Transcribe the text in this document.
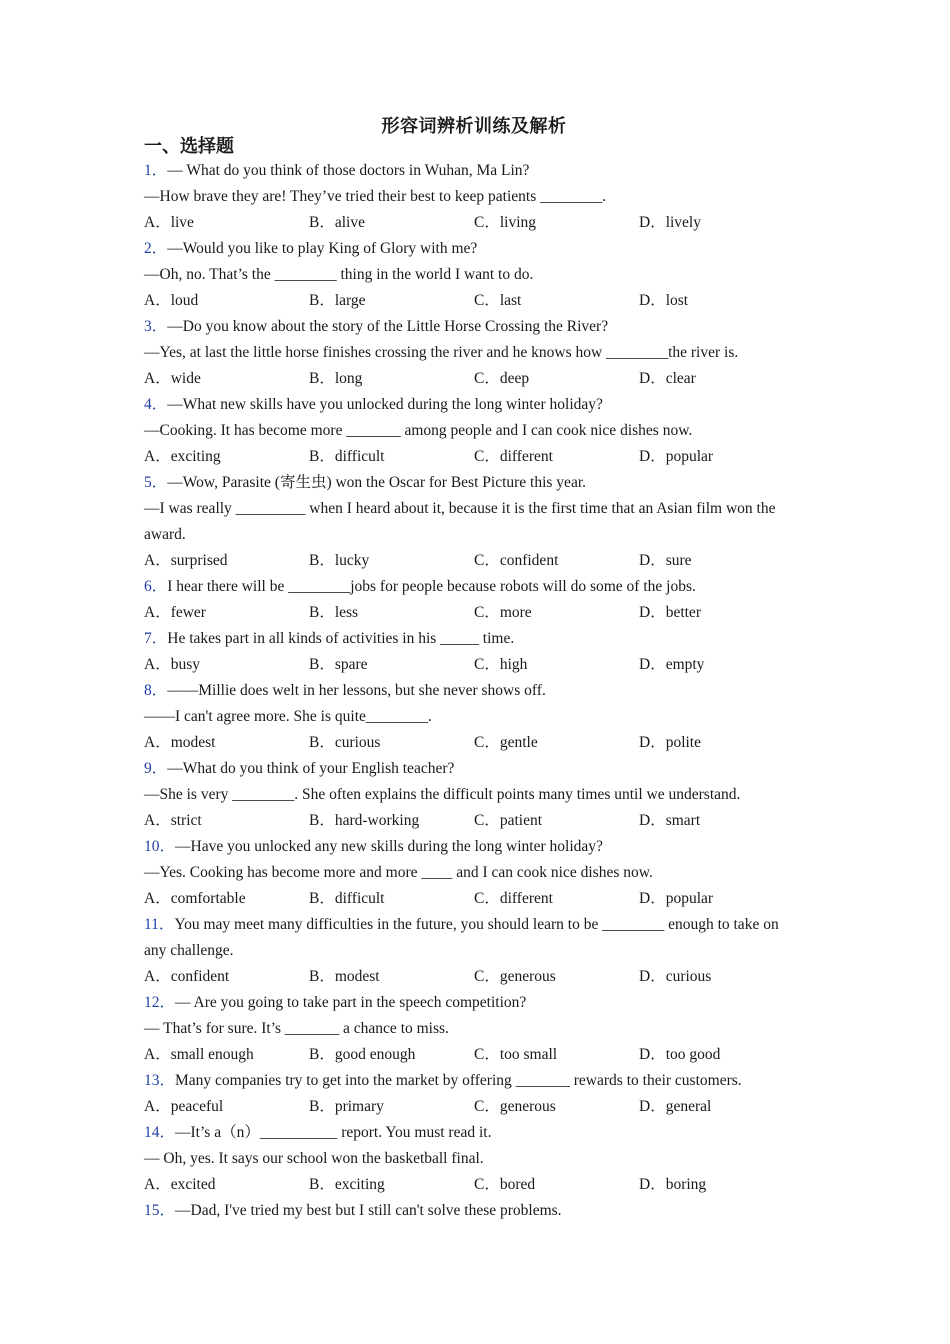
形容词辨析训练及解析
一、选择题
1．— What do you think of those doctors in Wuhan, Ma Lin?
—How brave they are! They’ve tried their best to keep patients ________.
A．live	B．alive	C．living	D．lively
2．—Would you like to play King of Glory with me?
—Oh, no. That’s the ________ thing in the world I want to do.
A．loud	B．large	C．last	D．lost
3．—Do you know about the story of the Little Horse Crossing the River?
—Yes, at last the little horse finishes crossing the river and he knows how ________the river is.
A．wide	B．long	C．deep	D．clear
4．—What new skills have you unlocked during the long winter holiday?
—Cooking. It has become more _______ among people and I can cook nice dishes now.
A．exciting	B．difficult	C．different	D．popular
5．—Wow, Parasite (寄生虫) won the Oscar for Best Picture this year.
—I was really _________ when I heard about it, because it is the first time that an Asian film won the award.
A．surprised	B．lucky	C．confident	D．sure
6．I hear there will be ________jobs for people because robots will do some of the jobs.
A．fewer	B．less	C．more	D．better
7．He takes part in all kinds of activities in his _____ time.
A．busy	B．spare	C．high	D．empty
8．——Millie does welt in her lessons, but she never shows off.
——I can't agree more. She is quite________.
A．modest	B．curious	C．gentle	D．polite
9．—What do you think of your English teacher?
—She is very ________. She often explains the difficult points many times until we understand.
A．strict	B．hard-working	C．patient	D．smart
10．—Have you unlocked any new skills during the long winter holiday?
—Yes. Cooking has become more and more ____ and I can cook nice dishes now.
A．comfortable	B．difficult	C．different	D．popular
11．You may meet many difficulties in the future, you should learn to be ________ enough to take on any challenge.
A．confident	B．modest	C．generous	D．curious
12．— Are you going to take part in the speech competition?
— That’s for sure. It’s _______ a chance to miss.
A．small enough	B．good enough	C．too small	D．too good
13．Many companies try to get into the market by offering _______ rewards to their customers.
A．peaceful	B．primary	C．generous	D．general
14．—It’s a（n）__________ report. You must read it.
— Oh, yes. It says our school won the basketball final.
A．excited	B．exciting	C．bored	D．boring
15．—Dad, I've tried my best but I still can't solve these problems.
